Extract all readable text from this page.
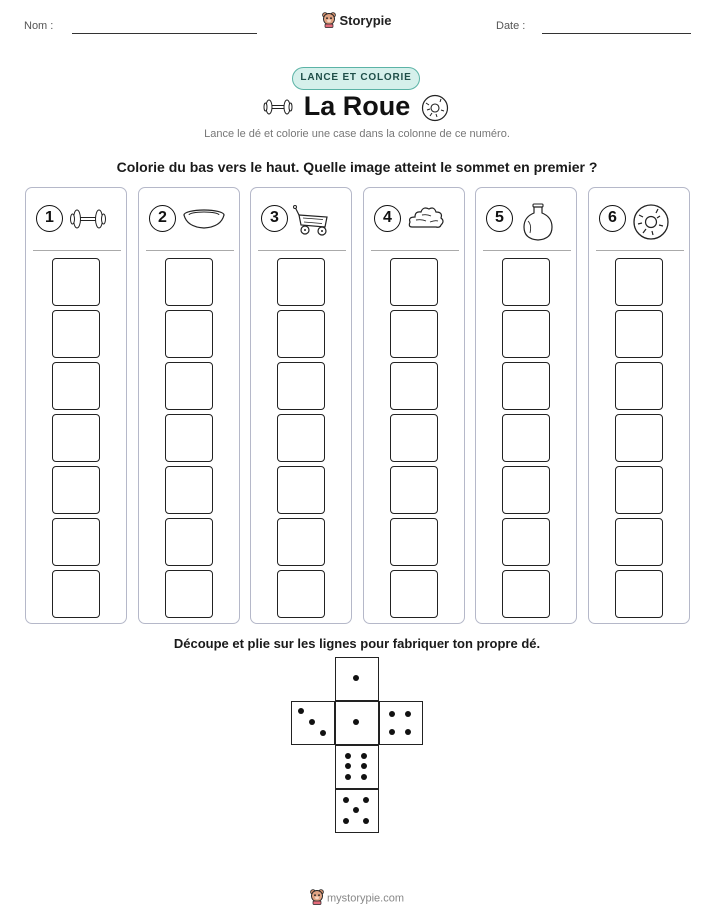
Nom :	Storypie	Date :
LANCE ET COLORIE
La Roue
Lance le dé et colorie une case dans la colonne de ce numéro.
Colorie du bas vers le haut. Quelle image atteint le sommet en premier ?
1	2	3	4	5	6
Découpe et plie sur les lignes pour fabriquer ton propre dé.
mystorypie.com
